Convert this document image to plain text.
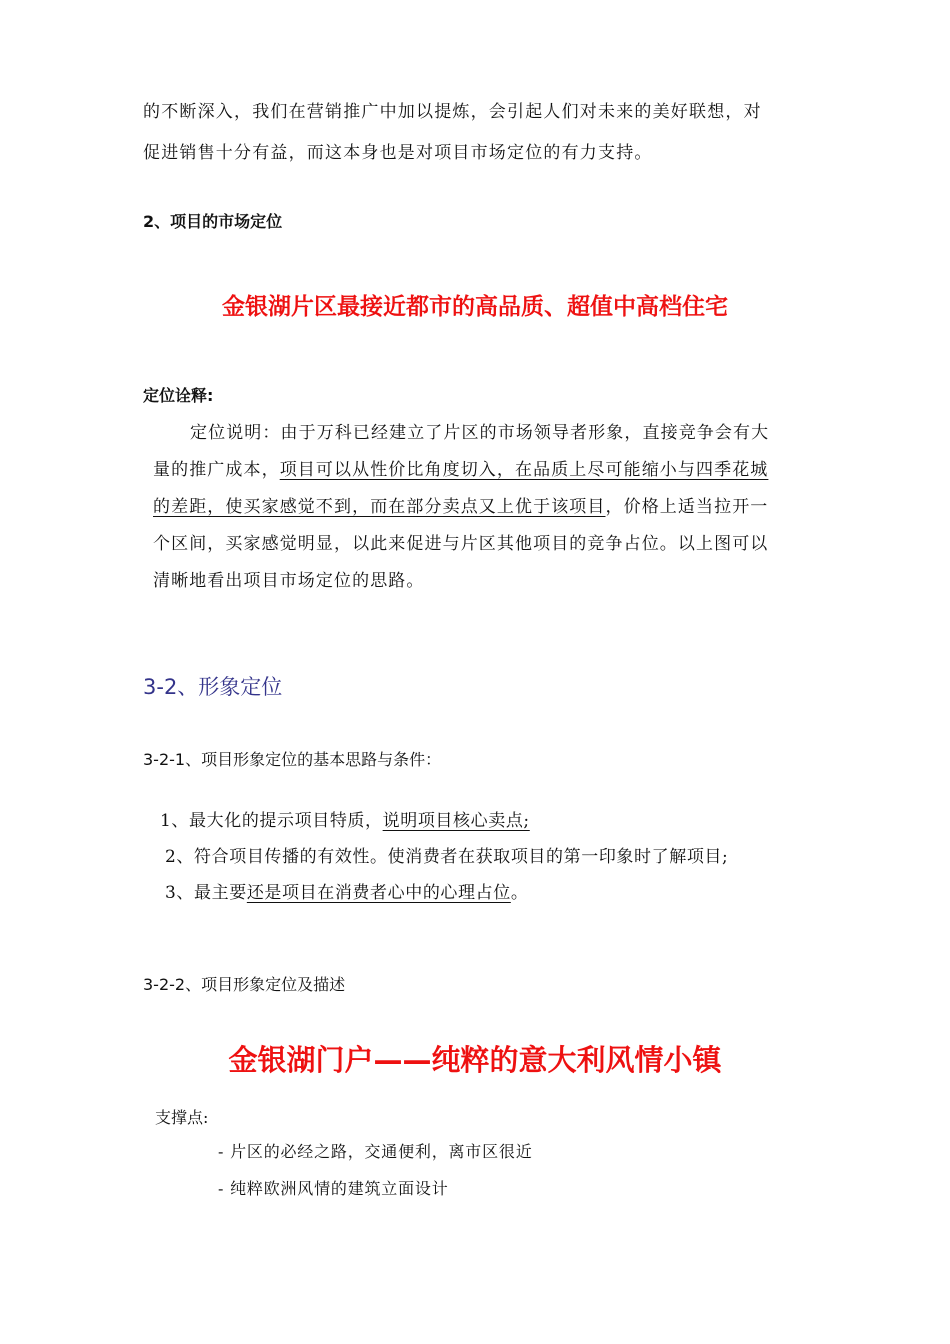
的不断深入，我们在营销推广中加以提炼，会引起人们对未来的美好联想，对
促进销售十分有益，而这本身也是对项目市场定位的有力支持。
2、项目的市场定位
金银湖片区最接近都市的高品质、超值中高档住宅
定位诠释:
定位说明：由于万科已经建立了片区的市场领导者形象，直接竞争会有大
量的推广成本，项目可以从性价比角度切入，在品质上尽可能缩小与四季花城
的差距，使买家感觉不到，而在部分卖点又上优于该项目，价格上适当拉开一
个区间，买家感觉明显，以此来促进与片区其他项目的竞争占位。以上图可以
清晰地看出项目市场定位的思路。
3-2、形象定位
3-2-1、项目形象定位的基本思路与条件：
1、最大化的提示项目特质，说明项目核心卖点;
2、符合项目传播的有效性。使消费者在获取项目的第一印象时了解项目;
3、最主要还是项目在消费者心中的心理占位。
3-2-2、项目形象定位及描述
金银湖门户——纯粹的意大利风情小镇
支撑点:
- 片区的必经之路，交通便利，离市区很近
- 纯粹欧洲风情的建筑立面设计
